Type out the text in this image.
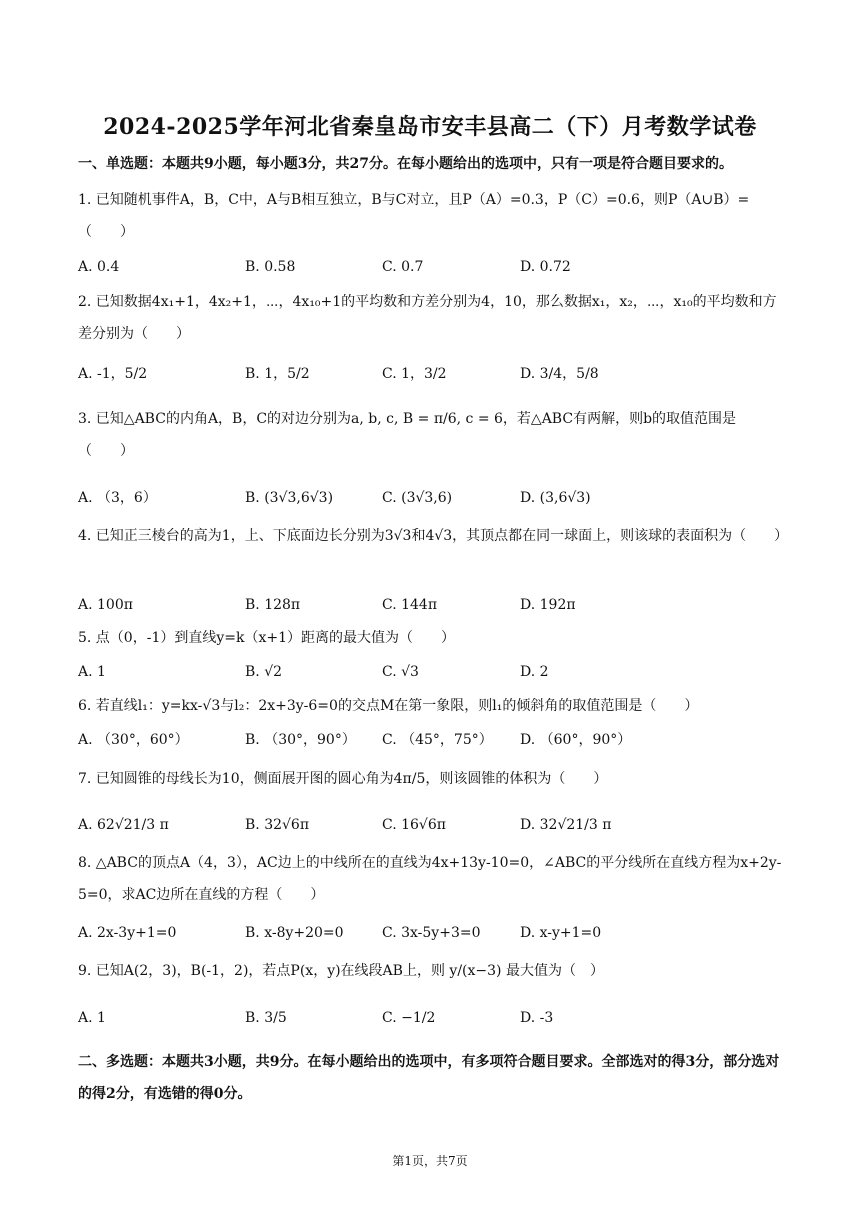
2024-2025学年河北省秦皇岛市安丰县高二（下）月考数学试卷
一、单选题：本题共9小题，每小题3分，共27分。在每小题给出的选项中，只有一项是符合题目要求的。
1. 已知随机事件A，B，C中，A与B相互独立，B与C对立，且P（A）=0.3，P（C）=0.6，则P（A∪B）=（　　）
A. 0.4	B. 0.58	C. 0.7	D. 0.72
2. 已知数据4x₁+1，4x₂+1，⋯，4x₁₀+1的平均数和方差分别为4，10，那么数据x₁，x₂，⋯，x₁₀的平均数和方差分别为（　　）
A. -1，5/2	B. 1，5/2	C. 1，3/2	D. 3/4，5/8
3. 已知△ABC的内角A，B，C的对边分别为a, b, c, B = π/6, c = 6，若△ABC有两解，则b的取值范围是（　　）
A. （3，6）	B. (3√3,6√3)	C. (3√3,6)	D. (3,6√3)
4. 已知正三棱台的高为1，上、下底面边长分别为3√3和4√3，其顶点都在同一球面上，则该球的表面积为（　　）
A. 100π	B. 128π	C. 144π	D. 192π
5. 点（0，-1）到直线y=k（x+1）距离的最大值为（　　）
A. 1	B. √2	C. √3	D. 2
6. 若直线l₁：y=kx-√3与l₂：2x+3y-6=0的交点M在第一象限，则l₁的倾斜角的取值范围是（　　）
A. （30°，60°）	B. （30°，90°） C. （45°，75°） D. （60°，90°）
7. 已知圆锥的母线长为10，侧面展开图的圆心角为4π/5，则该圆锥的体积为（　　）
A. 62√21/3 π	B. 32√6π	C. 16√6π	D. 32√21/3 π
8. △ABC的顶点A（4，3），AC边上的中线所在的直线为4x+13y-10=0，∠ABC的平分线所在直线方程为x+2y-5=0，求AC边所在直线的方程（　　）
A. 2x-3y+1=0	B. x-8y+20=0	C. 3x-5y+3=0	D. x-y+1=0
9. 已知A(2，3)，B(-1，2)，若点P(x，y)在线段AB上，则 y/(x−3) 最大值为（　）
A. 1	B. 3/5	C. −1/2	D. -3
二、多选题：本题共3小题，共9分。在每小题给出的选项中，有多项符合题目要求。全部选对的得3分，部分选对的得2分，有选错的得0分。
第1页，共7页
